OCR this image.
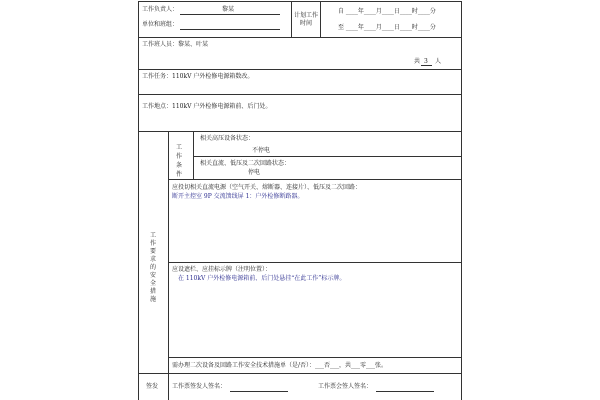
工作负责人：	黎某
单位和班组：
计划工作时间
自 ____年____月____日____时____分
至 ____年____月____日____时____分
工作班人员：黎某、叶某
共 3 人
工作任务：110kV 户外检修电源箱数改。
工作地点：110kV 户外检修电源箱前、后门处。
工作要求的安全措施
工作条件
相关高压设备状态：
不停电
相关直流、低压及二次回路状态：
停电
应投切相关直流电源（空气开关、熔断器、连接片）、低压及二次回路：
断开主控室 9P 交流馈线屏 1：户外检修断路器。
应设遮栏、应挂标示牌（注明位置）：
在 110kV 户外检修电源箱前、后门处悬挂“在此工作”标示牌。
需办理二次设备及回路工作安全技术措施单（是/否）：___否___，共___零___张。
签发 工作票签发人签名：	工作票会签人签名：
